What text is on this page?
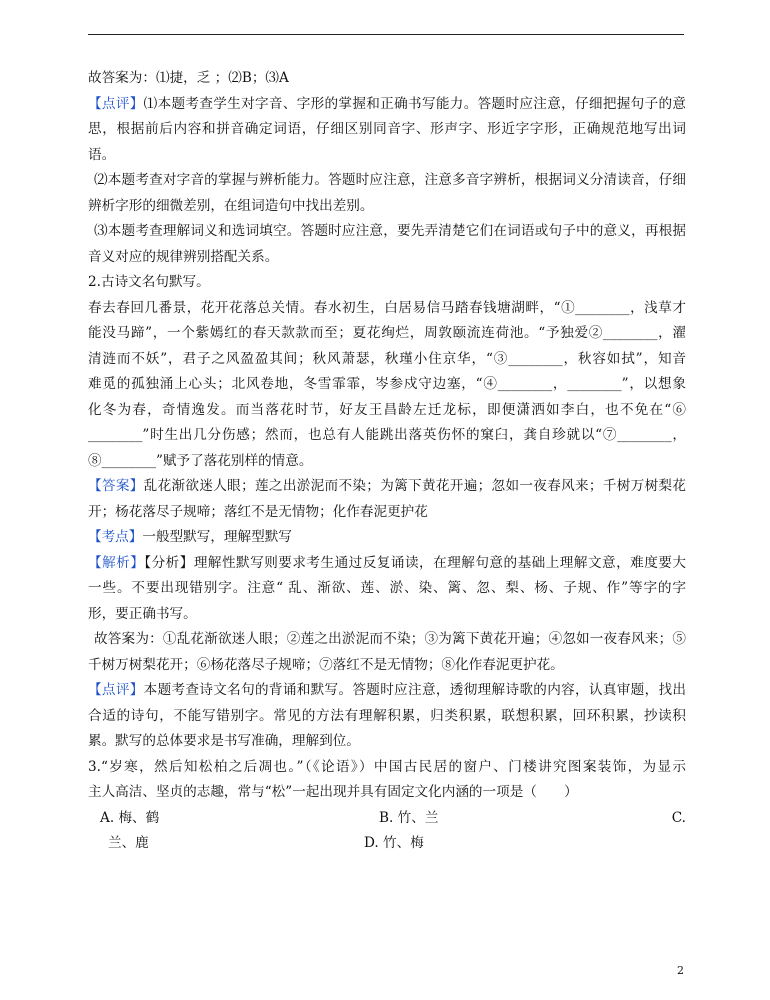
故答案为：⑴捷，乏 ；⑵B；⑶A
【点评】⑴本题考查学生对字音、字形的掌握和正确书写能力。答题时应注意，仔细把握句子的意
思，根据前后内容和拼音确定词语，仔细区别同音字、形声字、形近字字形，正确规范地写出词
语。
⑵本题考查对字音的掌握与辨析能力。答题时应注意，注意多音字辨析，根据词义分清读音，仔细
辨析字形的细微差别，在组词造句中找出差别。
⑶本题考查理解词义和选词填空。答题时应注意，要先弄清楚它们在词语或句子中的意义，再根据
音义对应的规律辨别搭配关系。
2.古诗文名句默写。
春去春回几番景，花开花落总关情。春水初生，白居易信马踏春钱塘湖畔，“①________，浅草才
能没马蹄”，一个紫嫣红的春天款款而至；夏花绚烂，周敦颐流连荷池。“予独爱②________，濯
清涟而不妖”，君子之风盈盈其间；秋风萧瑟，秋瑾小住京华，“③________，秋容如拭”，知音
难觅的孤独涌上心头；北风卷地，冬雪霏霏，岑参戍守边塞，“④________，________”，以想象
化冬为春，奇情逸发。而当落花时节，好友王昌龄左迁龙标，即便潇洒如李白，也不免在“⑥
________”时生出几分伤感；然而，也总有人能跳出落英伤怀的窠臼，龚自珍就以“⑦________，
⑧________”赋予了落花别样的情意。
【答案】乱花渐欲迷人眼；莲之出淤泥而不染；为篱下黄花开遍；忽如一夜春风来；千树万树梨花
开；杨花落尽子规啼；落红不是无情物；化作春泥更护花
【考点】一般型默写，理解型默写
【解析】【分析】理解性默写则要求考生通过反复诵读，在理解句意的基础上理解文意，难度要大
一些。不要出现错别字。注意“ 乱、渐欲、莲、淤、染、篱、忽、梨、杨、子规、作”等字的字
形，要正确书写。
故答案为：①乱花渐欲迷人眼；②莲之出淤泥而不染；③为篱下黄花开遍；④忽如一夜春风来；⑤
千树万树梨花开；⑥杨花落尽子规啼；⑦落红不是无情物；⑧化作春泥更护花。
【点评】本题考查诗文名句的背诵和默写。答题时应注意，透彻理解诗歌的内容，认真审题，找出
合适的诗句，不能写错别字。常见的方法有理解积累，归类积累，联想积累，回环积累，抄读积
累。默写的总体要求是书写准确，理解到位。
3.“岁寒，然后知松柏之后凋也。”（《论语》）中国古民居的窗户、门楼讲究图案装饰，为显示
主人高洁、坚贞的志趣，常与“松”一起出现并具有固定文化内涵的一项是（　　）
A. 梅、鹤	B. 竹、兰	C.
兰、鹿	D. 竹、梅
2
